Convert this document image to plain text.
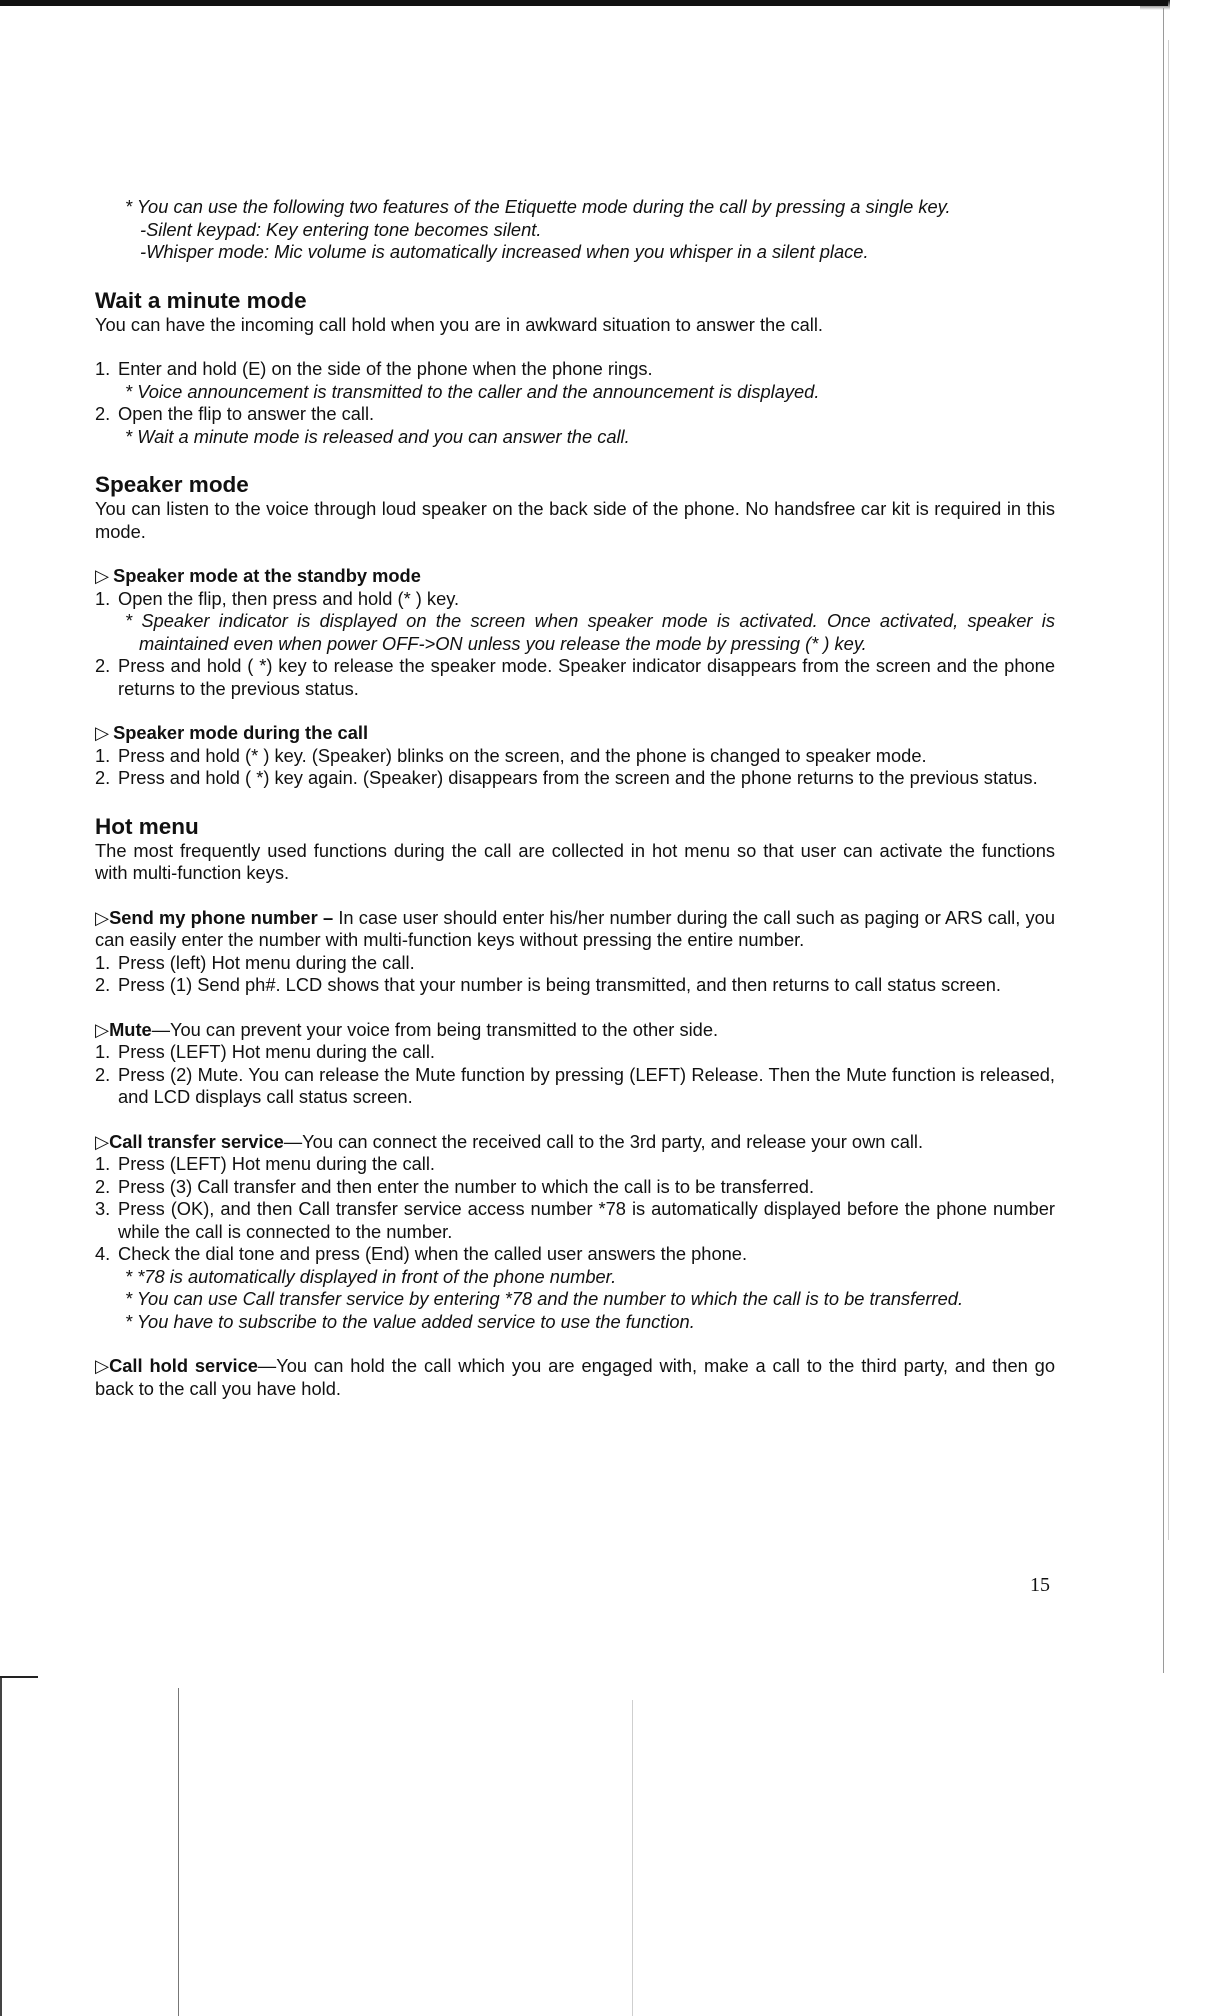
* You can use the following two features of the Etiquette mode during the call by pressing a single key.

-Silent keypad: Key entering tone becomes silent.

-Whisper mode: Mic volume is automatically increased when you whisper in a silent place.

Wait a minute mode

You can have the incoming call hold when you are in awkward situation to answer the call.

1. Enter and hold (E) on the side of the phone when the phone rings.

* Voice announcement is transmitted to the caller and the announcement is displayed.

2. Open the flip to answer the call.

* Wait a minute mode is released and you can answer the call.

Speaker mode

You can listen to the voice through loud speaker on the back side of the phone. No handsfree car kit is required in this mode.

▷ Speaker mode at the standby mode

1. Open the flip, then press and hold (* ) key.

* Speaker indicator is displayed on the screen when speaker mode is activated. Once activated, speaker is maintained even when power OFF->ON unless you release the mode by pressing (* ) key.

2. Press and hold ( *) key to release the speaker mode. Speaker indicator disappears from the screen and the phone returns to the previous status.

▷ Speaker mode during the call

1. Press and hold (* ) key. (Speaker) blinks on the screen, and the phone is changed to speaker mode.
2. Press and hold ( *) key again. (Speaker) disappears from the screen and the phone returns to the previous status.
Hot menu

The most frequently used functions during the call are collected in hot menu so that user can activate the functions with multi-function keys.

▷Send my phone number – In case user should enter his/her number during the call such as paging or ARS call, you can easily enter the number with multi-function keys without pressing the entire number.

1. Press (left) Hot menu during the call.
2. Press (1) Send ph#. LCD shows that your number is being transmitted, and then returns to call status screen.

▷Mute—You can prevent your voice from being transmitted to the other side.

1. Press (LEFT) Hot menu during the call.
2. Press (2) Mute. You can release the Mute function by pressing (LEFT) Release. Then the Mute function is released, and LCD displays call status screen.

▷Call transfer service—You can connect the received call to the 3rd party, and release your own call.

1. Press (LEFT) Hot menu during the call.
2. Press (3) Call transfer and then enter the number to which the call is to be transferred.
3. Press (OK), and then Call transfer service access number *78 is automatically displayed before the phone number while the call is connected to the number.
4. Check the dial tone and press (End) when the called user answers the phone.

* *78 is automatically displayed in front of the phone number.

* You can use Call transfer service by entering *78 and the number to which the call is to be transferred.

* You have to subscribe to the value added service to use the function.

▷Call hold service—You can hold the call which you are engaged with, make a call to the third party, and then go back to the call you have hold.

15
